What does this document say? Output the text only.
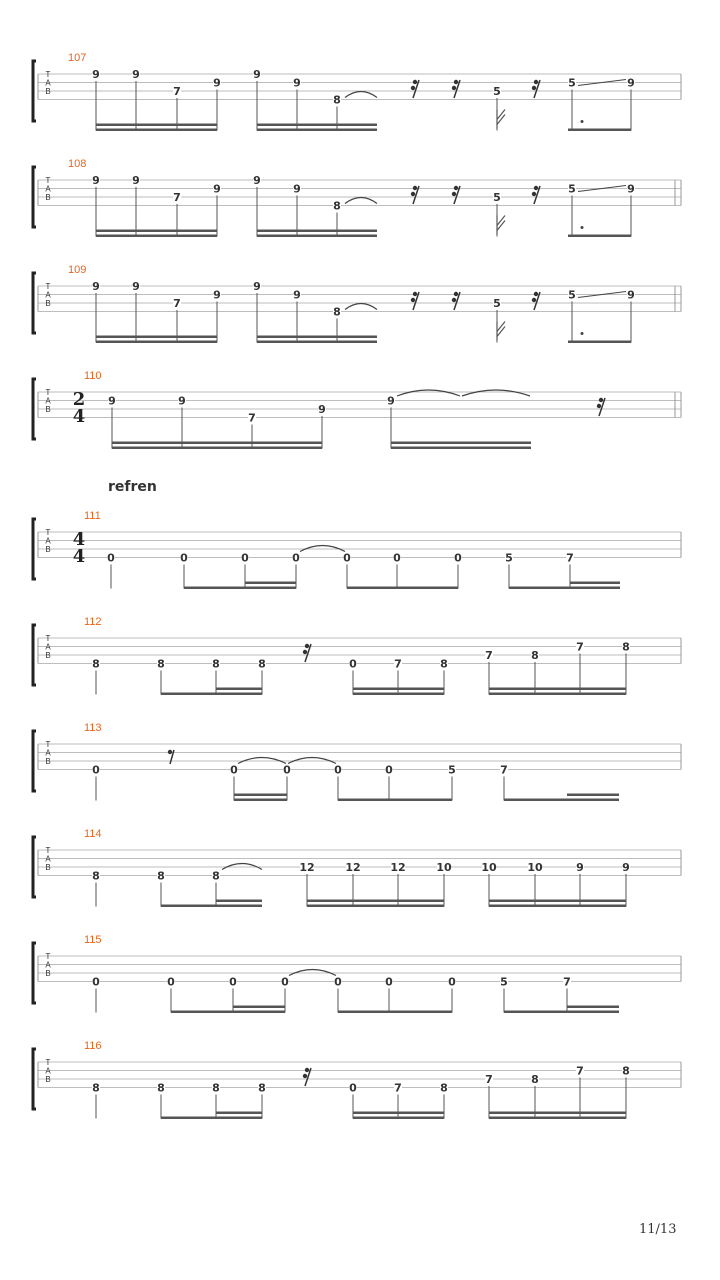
T
A
B
107
9	9
7
9
9
9
8
5
5	9
T
A
B
108
9	9
7
9
9
9
8
5
5	9
T
A
B
109
9	9
7
9
9
9
8
5
5	9
T
A
B
110
2
4
9	9
7
9
9
T
A
B
111
4
4 0	0	0	0	0	0	0	5	7
T
A
B
112
8	8	8	8	0	7	8
7	8
7	8
T
A
B
113
0	0	0	0	0	5	7
T
A
B
114
8	8	8
12	12	12	10	10	10	9	9
T
A
B
115
0	0	0	0	0	0	0	5	7
T
A
B
116
8	8	8	8	0	7	8
7	8
7	8
refren
11/13
